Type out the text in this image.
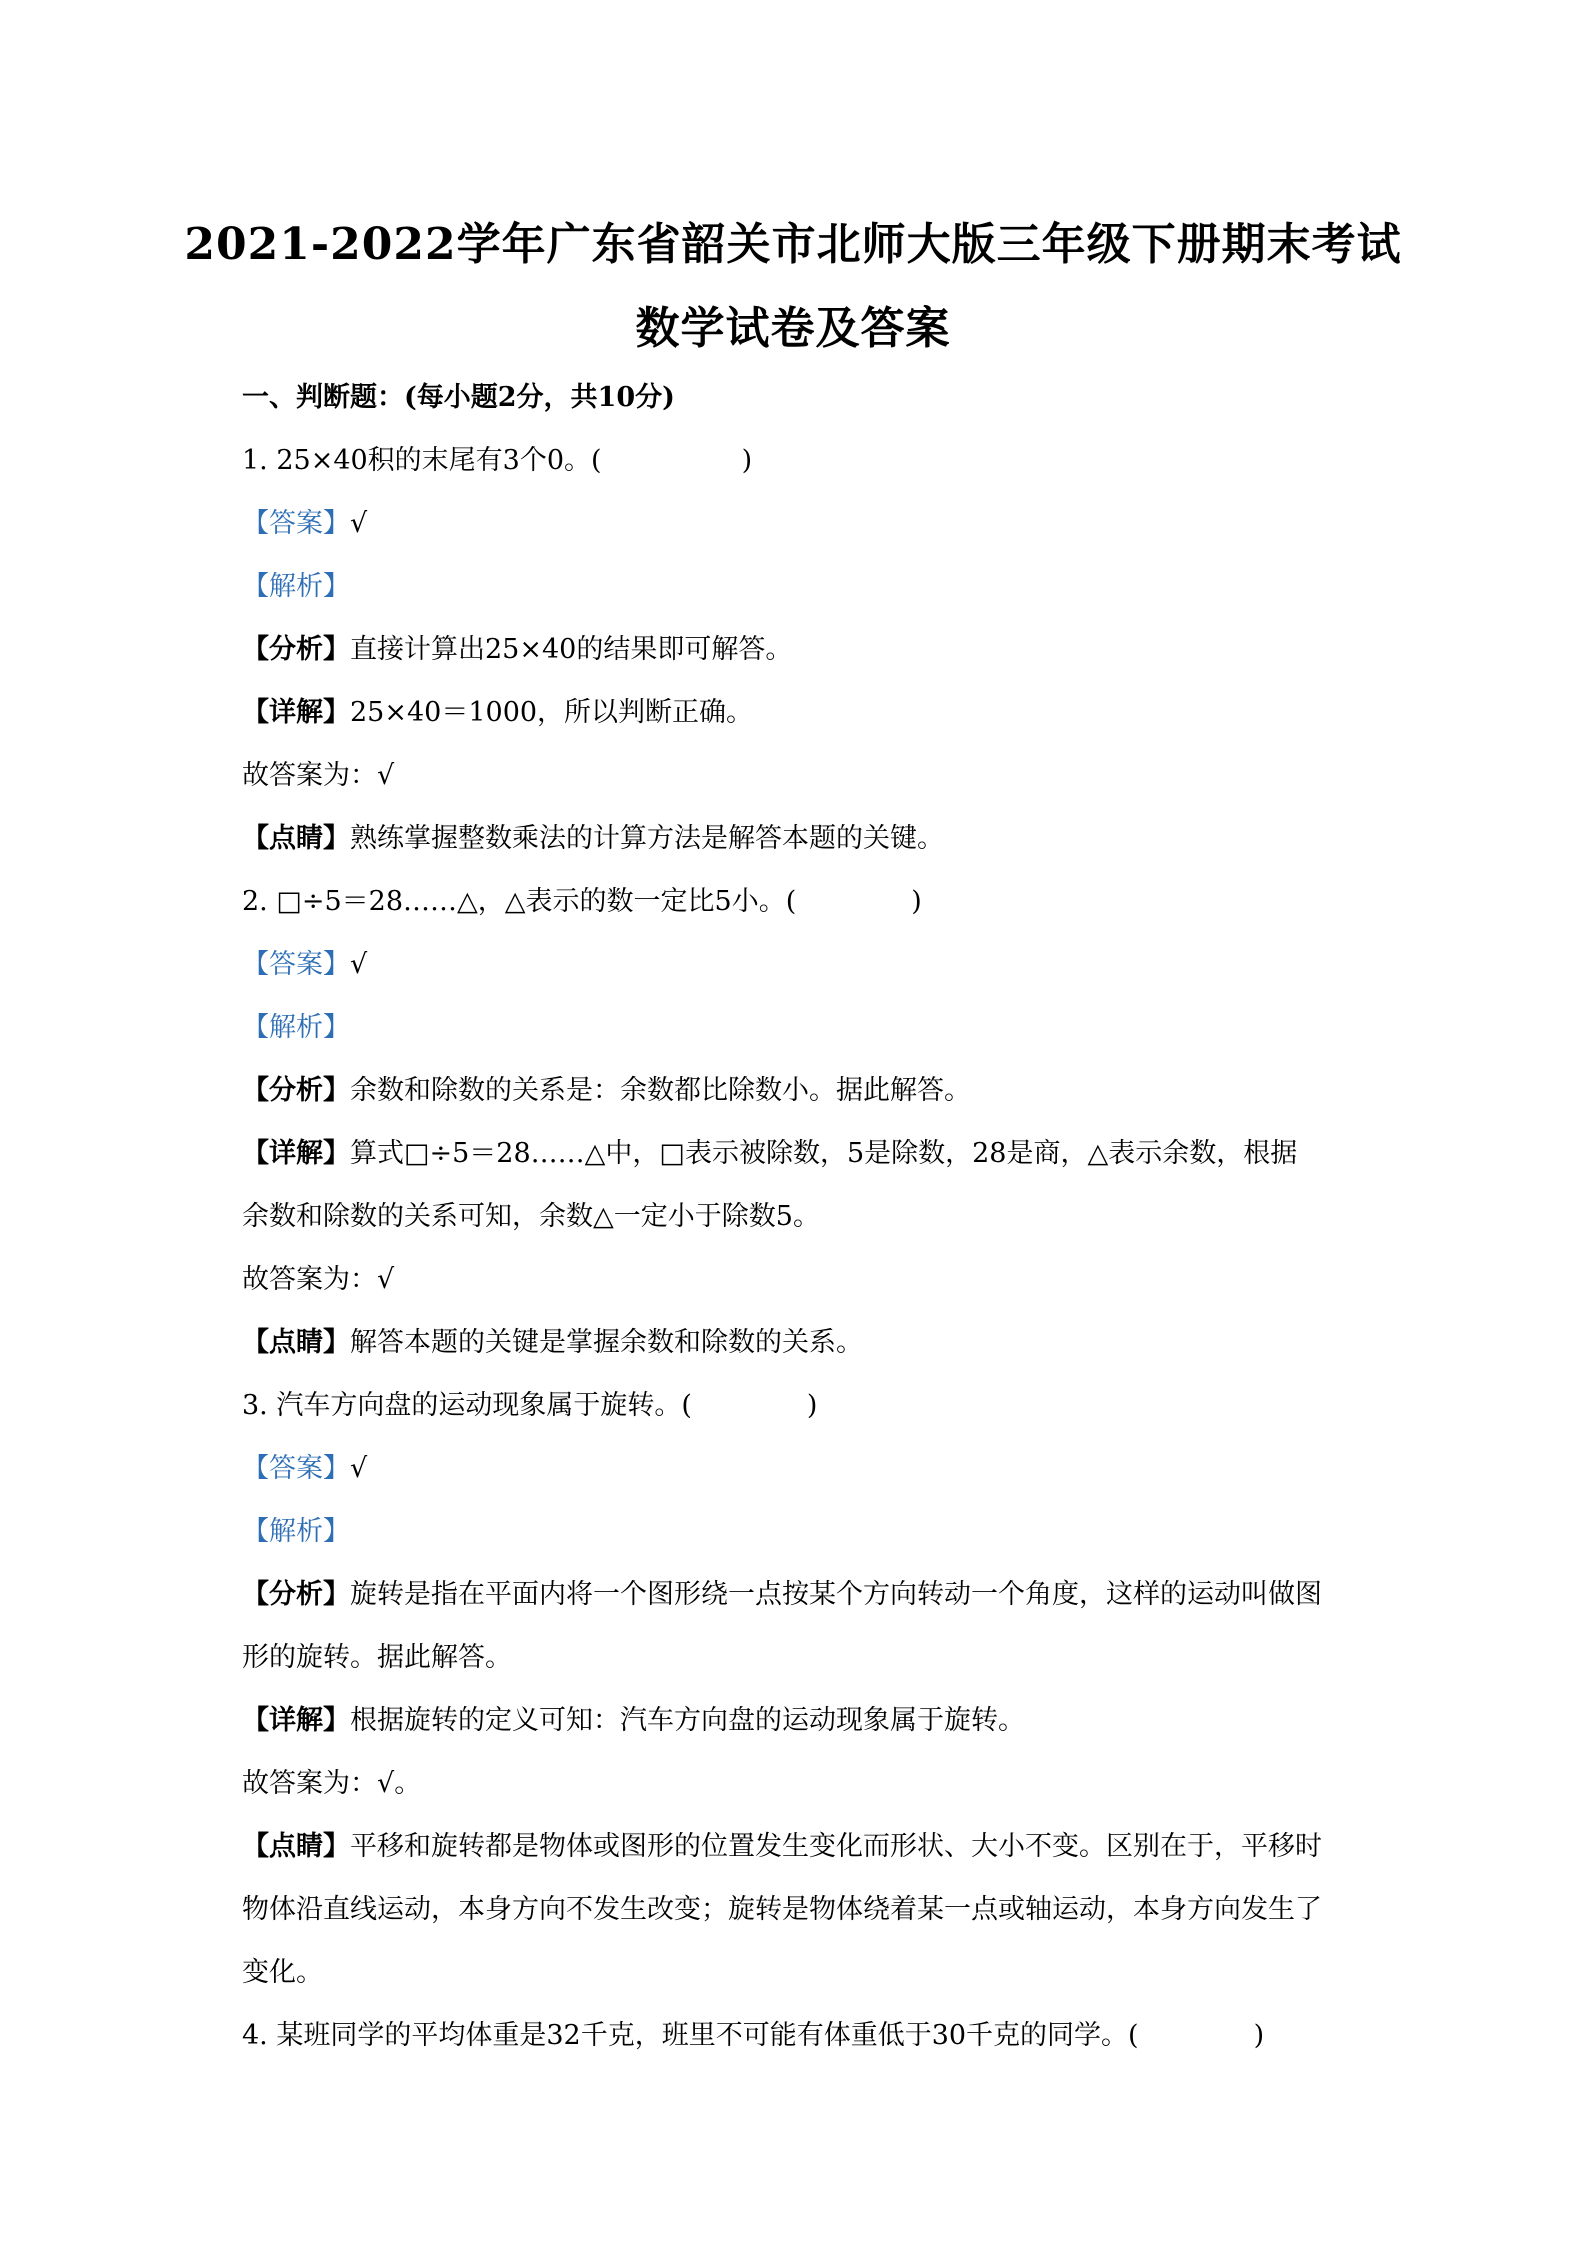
2021-2022学年广东省韶关市北师大版三年级下册期末考试
数学试卷及答案
一、判断题：(每小题2分，共10分)
1. 25×40积的末尾有3个0。(	)
【答案】√
【解析】
【分析】直接计算出25×40的结果即可解答。
【详解】25×40＝1000，所以判断正确。
故答案为：√
【点睛】熟练掌握整数乘法的计算方法是解答本题的关键。
2. □÷5＝28……△，△表示的数一定比5小。(	)
【答案】√
【解析】
【分析】余数和除数的关系是：余数都比除数小。据此解答。
【详解】算式□÷5＝28……△中，□表示被除数，5是除数，28是商，△表示余数，根据
余数和除数的关系可知，余数△一定小于除数5。
故答案为：√
【点睛】解答本题的关键是掌握余数和除数的关系。
3. 汽车方向盘的运动现象属于旋转。(	)
【答案】√
【解析】
【分析】旋转是指在平面内将一个图形绕一点按某个方向转动一个角度，这样的运动叫做图
形的旋转。据此解答。
【详解】根据旋转的定义可知：汽车方向盘的运动现象属于旋转。
故答案为：√。
【点睛】平移和旋转都是物体或图形的位置发生变化而形状、大小不变。区别在于，平移时
物体沿直线运动，本身方向不发生改变；旋转是物体绕着某一点或轴运动，本身方向发生了
变化。
4. 某班同学的平均体重是32千克，班里不可能有体重低于30千克的同学。(	)
